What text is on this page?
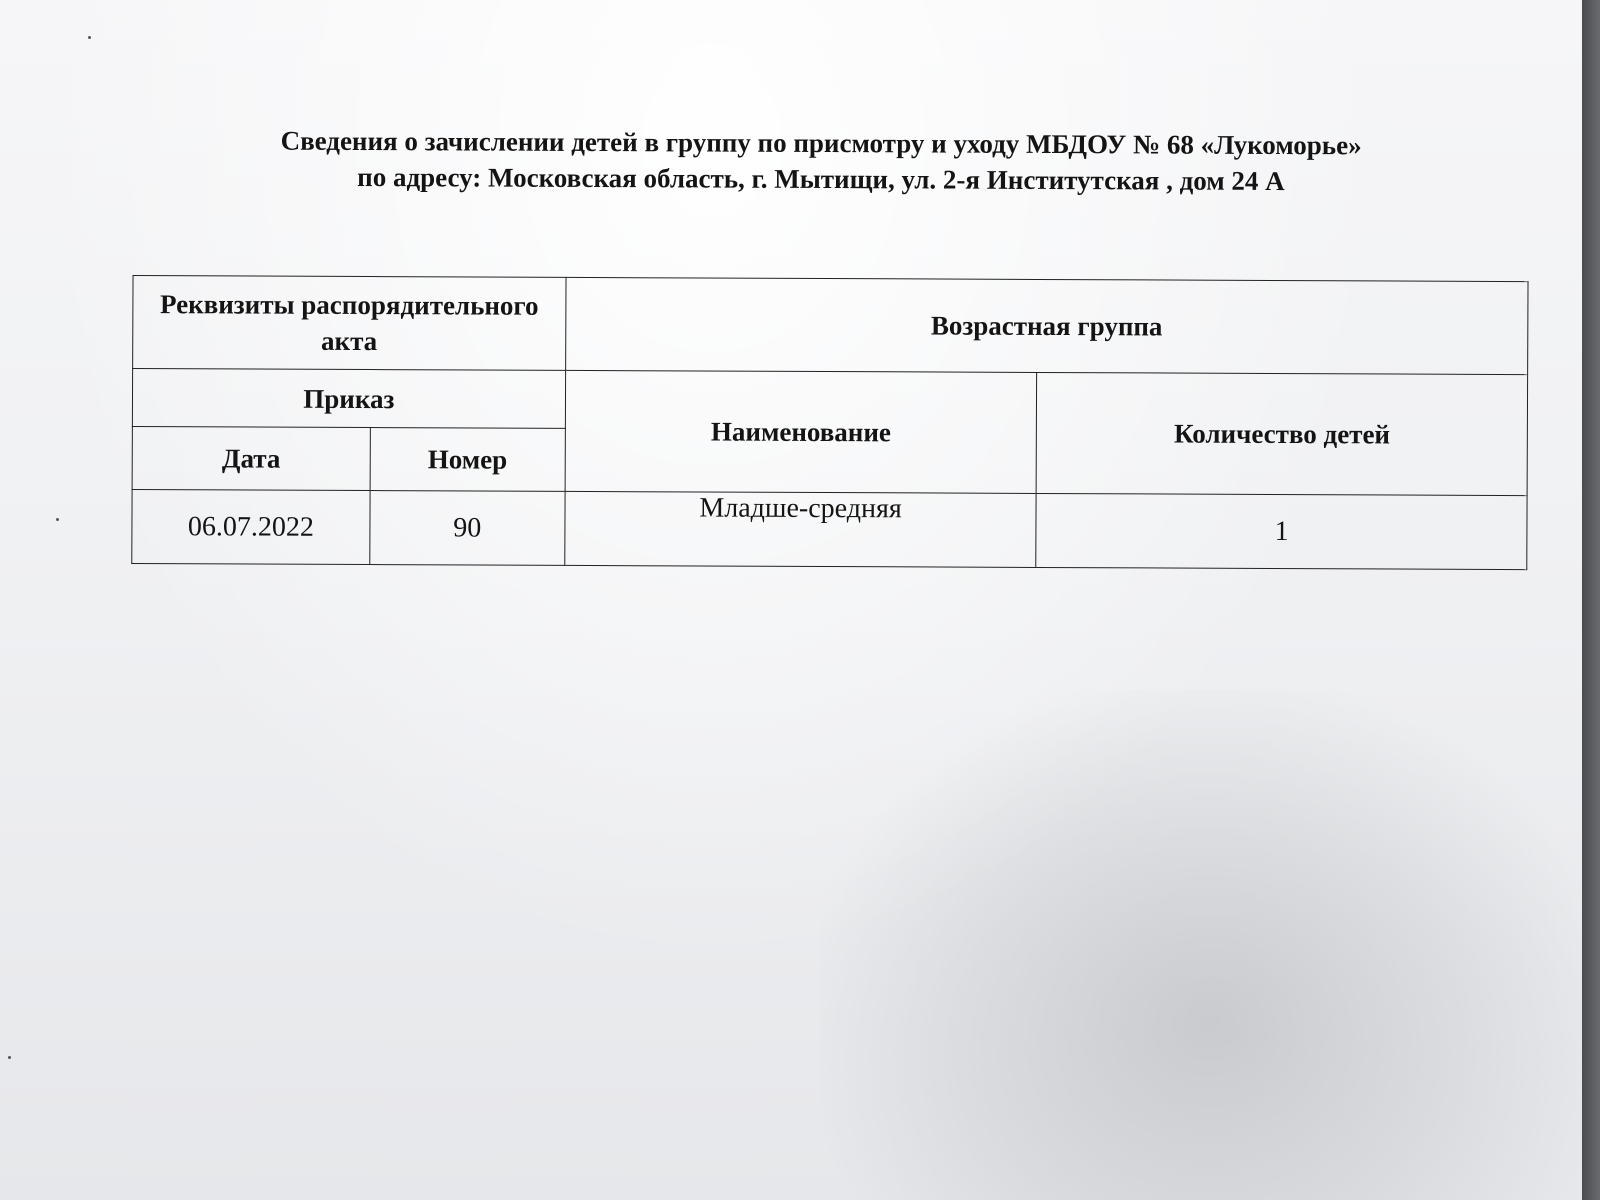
Сведения о зачислении детей в группу по присмотру и уходу МБДОУ № 68 «Лукоморье»
по адресу: Московская область, г. Мытищи, ул. 2-я Институтская , дом 24 А
Реквизиты распорядительного акта		Возрастная группа	
Приказ		Наименование	Количество детей
Дата	Номер		
06.07.2022	90	Младше-средняя	1
